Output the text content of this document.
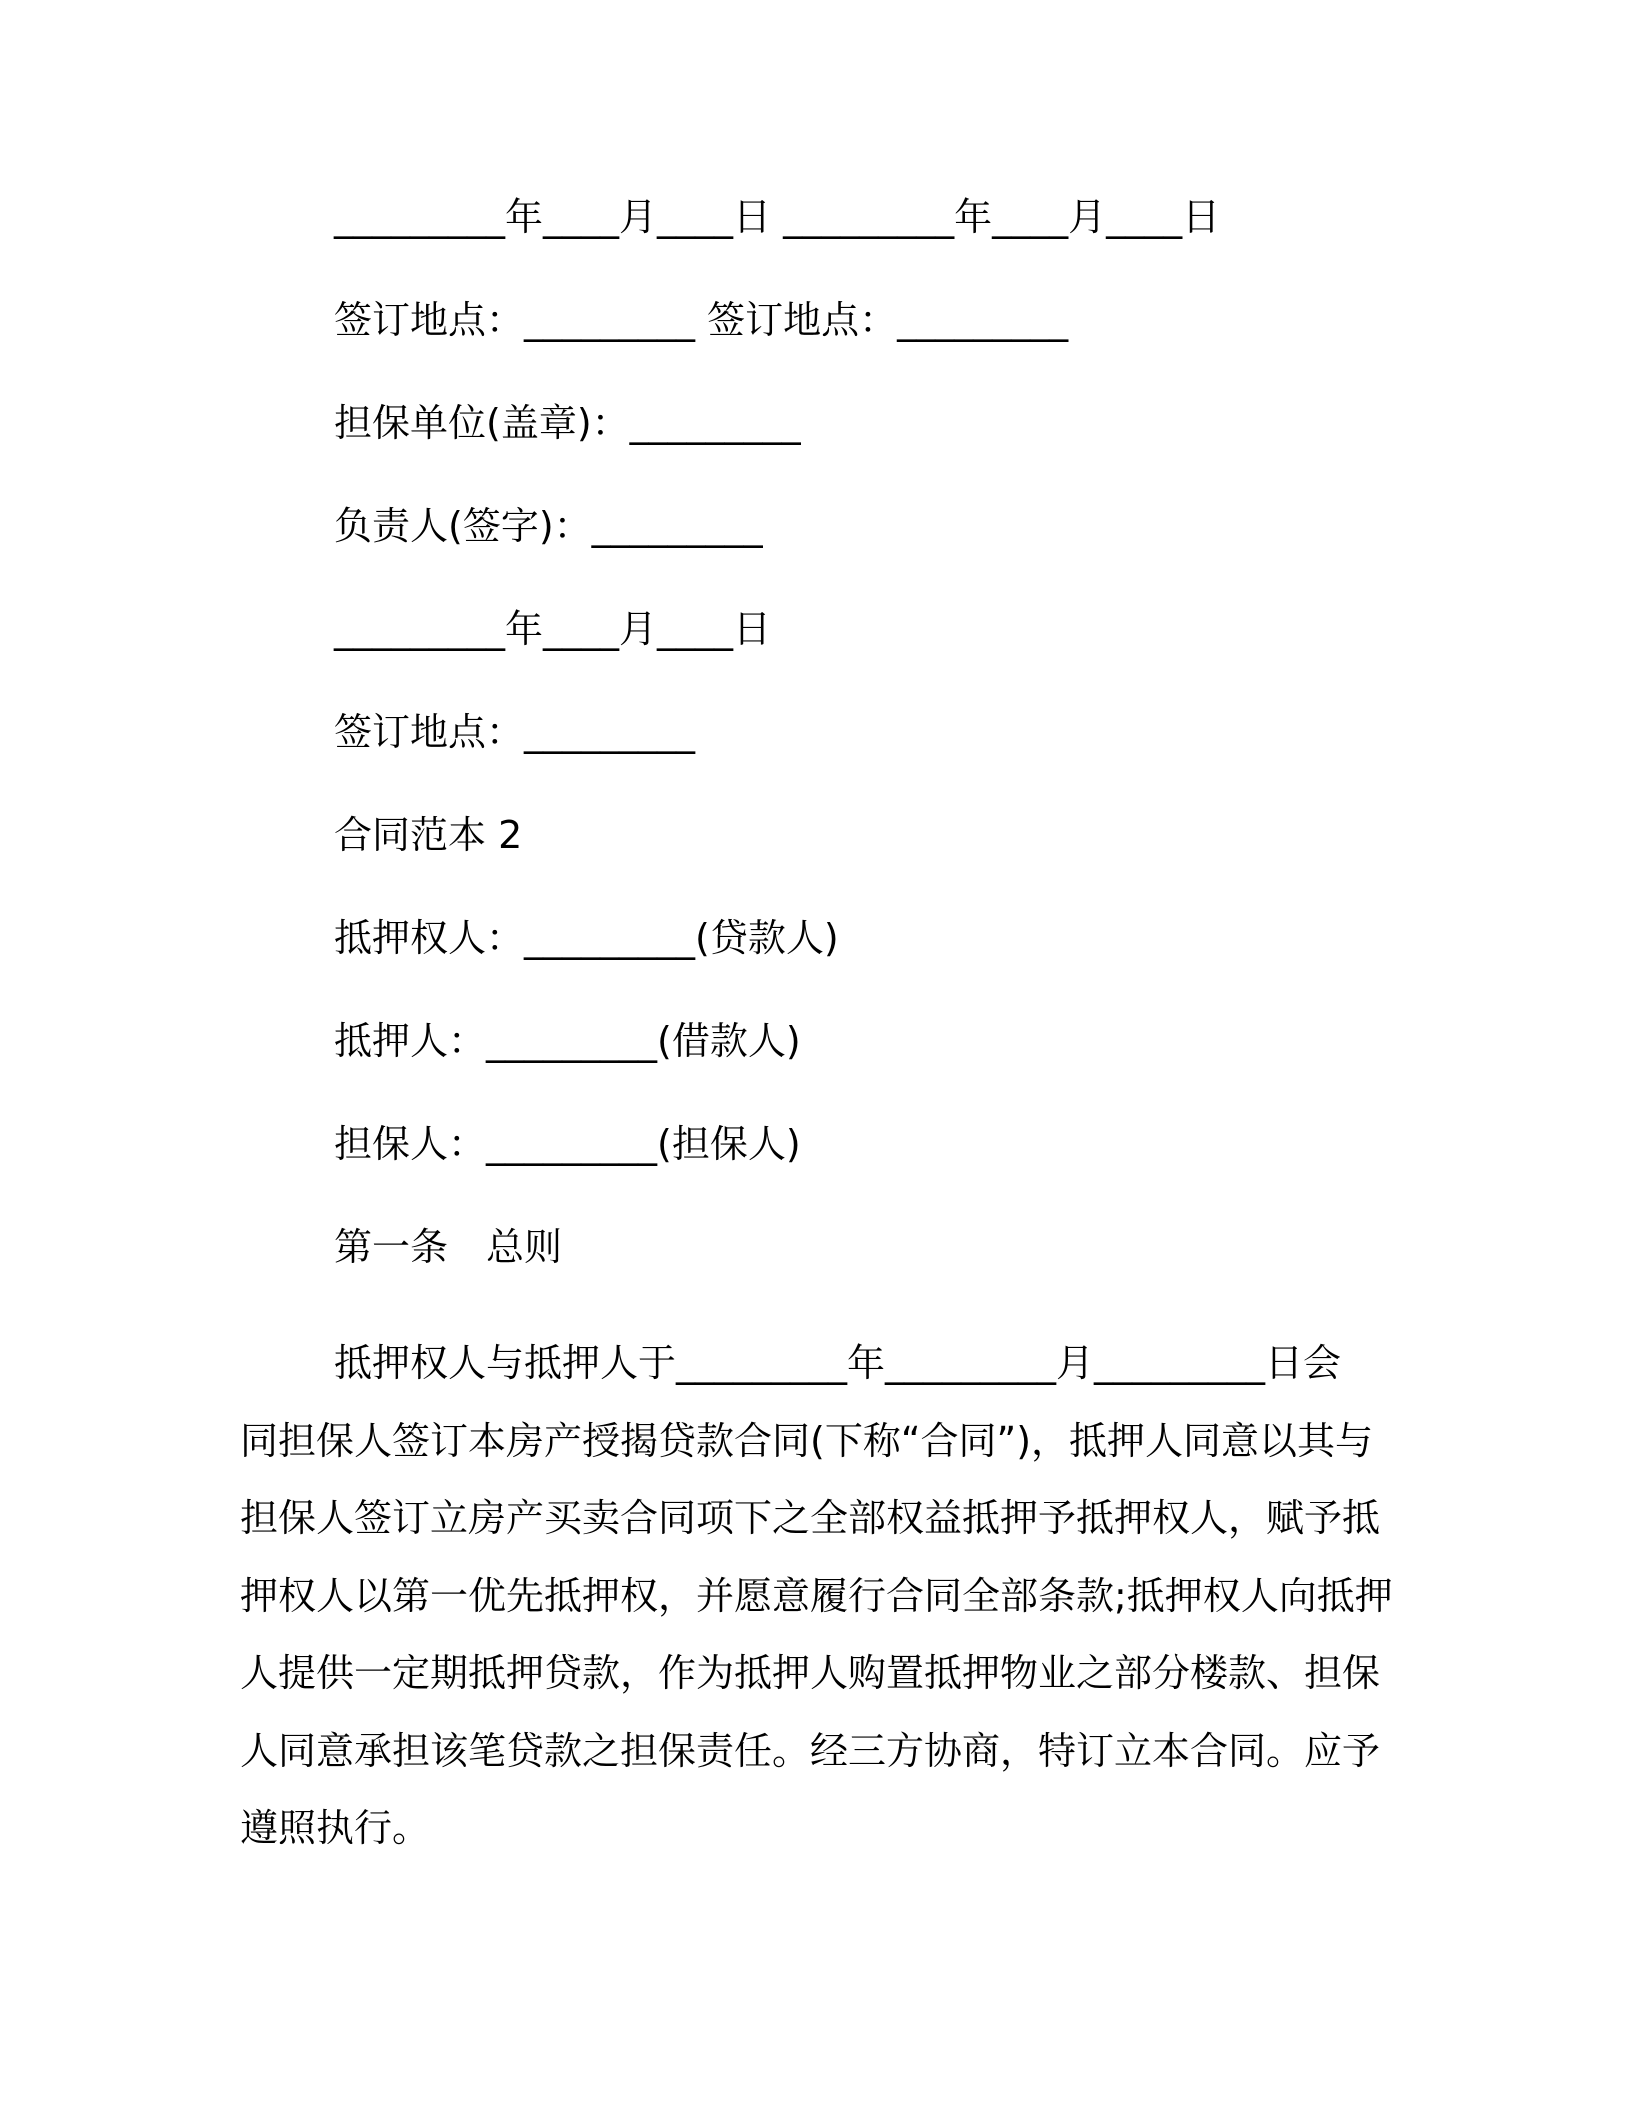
_________年____月____日 _________年____月____日
签订地点：_________ 签订地点：_________
担保单位(盖章)：_________
负责人(签字)：_________
_________年____月____日
签订地点：_________
合同范本 2
抵押权人：_________(贷款人)
抵押人：_________(借款人)
担保人：_________(担保人)
第一条　总则
抵押权人与抵押人于_________年_________月_________日会
同担保人签订本房产授揭贷款合同(下称“合同”)，抵押人同意以其与
担保人签订立房产买卖合同项下之全部权益抵押予抵押权人，赋予抵
押权人以第一优先抵押权，并愿意履行合同全部条款;抵押权人向抵押
人提供一定期抵押贷款，作为抵押人购置抵押物业之部分楼款、担保
人同意承担该笔贷款之担保责任。经三方协商，特订立本合同。应予
遵照执行。
